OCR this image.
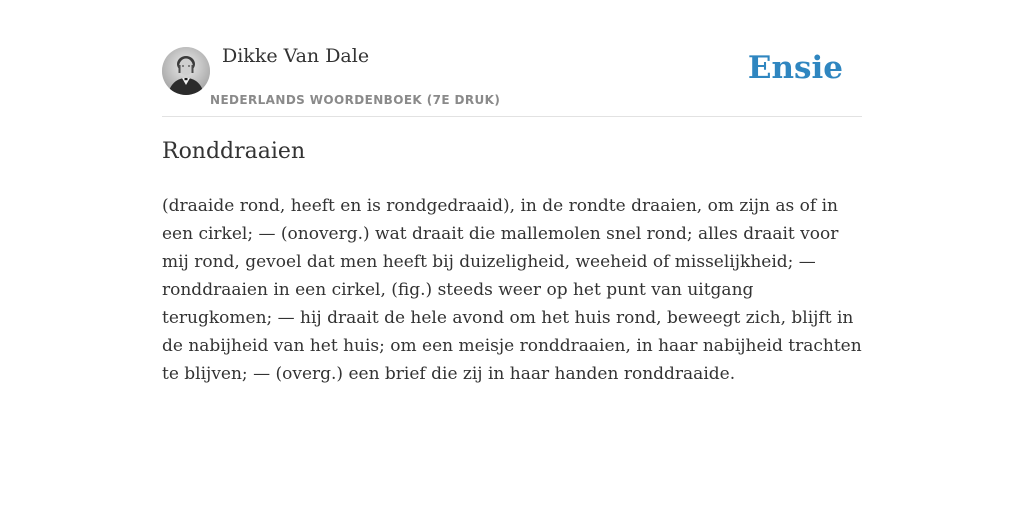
Dikke Van Dale
NEDERLANDS WOORDENBOEK (7E DRUK)
Ensie
Ronddraaien

(draaide rond, heeft en is rondgedraaid), in de rondte draaien, om zijn as of in een cirkel; — (onoverg.) wat draait die mallemolen snel rond; alles draait voor mij rond, gevoel dat men heeft bij duizeligheid, weeheid of misselijkheid; — ronddraaien in een cirkel, (fig.) steeds weer op het punt van uitgang terugkomen; — hij draait de hele avond om het huis rond, beweegt zich, blijft in de nabijheid van het huis; om een meisje ronddraaien, in haar nabijheid trachten te blijven; — (overg.) een brief die zij in haar handen ronddraaide.
